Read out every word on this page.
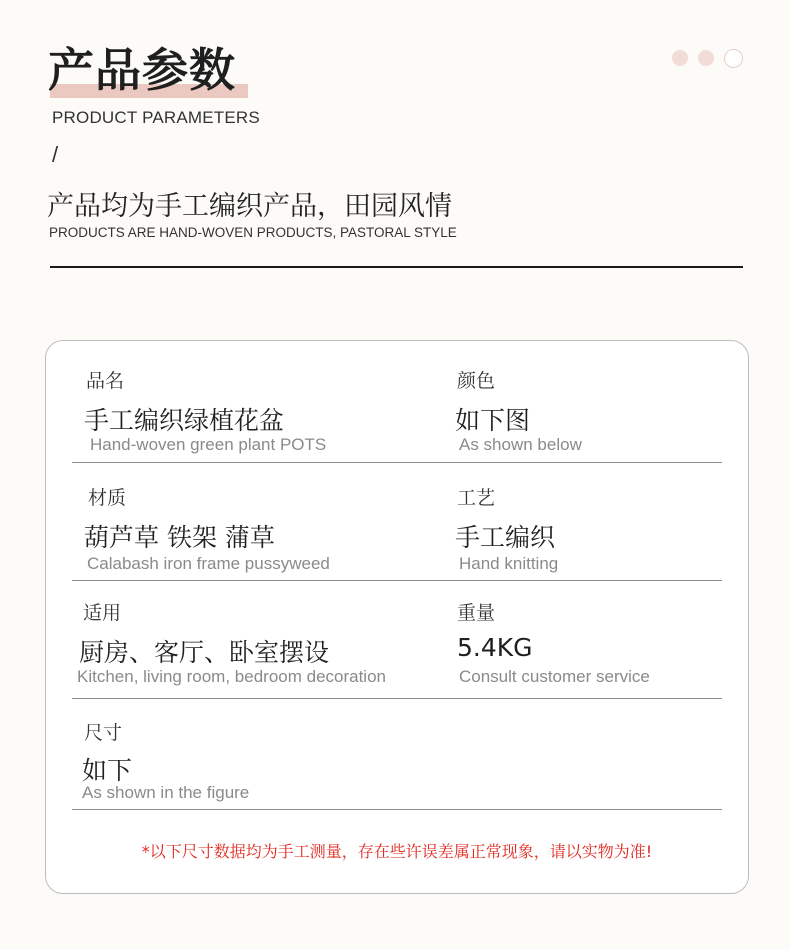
产品参数
PRODUCT PARAMETERS
/
产品均为手工编织产品，田园风情
PRODUCTS ARE HAND-WOVEN PRODUCTS, PASTORAL STYLE
品名
手工编织绿植花盆
Hand-woven green plant POTS
颜色
如下图
As shown below
材质
葫芦草 铁架 蒲草
Calabash iron frame pussyweed
工艺
手工编织
Hand knitting
适用
厨房、客厅、卧室摆设
Kitchen, living room, bedroom decoration
重量
5.4KG
Consult customer service
尺寸
如下
As shown in the figure
*以下尺寸数据均为手工测量，存在些许误差属正常现象，请以实物为准!
